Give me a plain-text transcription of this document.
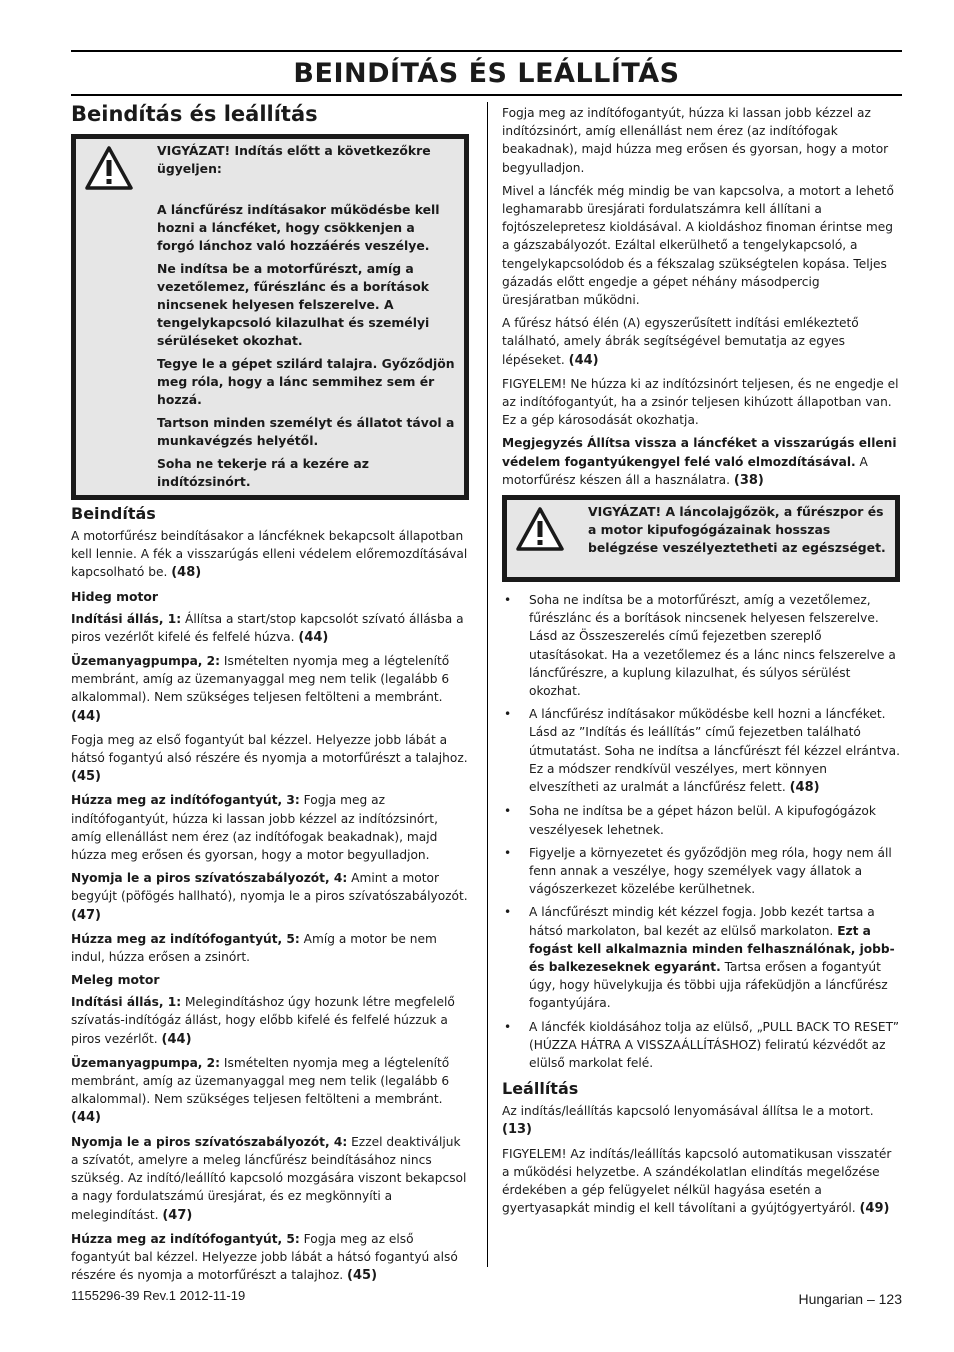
BEINDÍTÁS ÉS LEÁLLÍTÁS
Beindítás és leállítás

VIGYÁZAT! Indítás előtt a következőkre ügyeljen:

A láncfűrész indításakor működésbe kell hozni a láncféket, hogy csökkenjen a forgó lánchoz való hozzáérés veszélye.

Ne indítsa be a motorfűrészt, amíg a vezetőlemez, fűrészlánc és a borítások nincsenek helyesen felszerelve. A tengelykapcsoló kilazulhat és személyi sérüléseket okozhat.

Tegye le a gépet szilárd talajra. Győződjön meg róla, hogy a lánc semmihez sem ér hozzá.

Tartson minden személyt és állatot távol a munkavégzés helyétől.

Soha ne tekerje rá a kezére az indítózsinórt.

Beindítás

A motorfűrész beindításakor a láncféknek bekapcsolt állapotban kell lennie. A fék a visszarúgás elleni védelem előremozdításával kapcsolható be. (48)

Hideg motor

Indítási állás, 1: Állítsa a start/stop kapcsolót szívató állásba a piros vezérlőt kifelé és felfelé húzva. (44)

Üzemanyagpumpa, 2: Ismételten nyomja meg a légtelenítő membránt, amíg az üzemanyaggal meg nem telik (legalább 6 alkalommal). Nem szükséges teljesen feltölteni a membránt. (44)

Fogja meg az első fogantyút bal kézzel. Helyezze jobb lábát a hátsó fogantyú alsó részére és nyomja a motorfűrészt a talajhoz. (45)

Húzza meg az indítófogantyút, 3: Fogja meg az indítófogantyút, húzza ki lassan jobb kézzel az indítózsinórt, amíg ellenállást nem érez (az indítófogak beakadnak), majd húzza meg erősen és gyorsan, hogy a motor begyulladjon.

Nyomja le a piros szívatószabályozót, 4: Amint a motor begyújt (pöfögés hallható), nyomja le a piros szívatószabályozót. (47)

Húzza meg az indítófogantyút, 5: Amíg a motor be nem indul, húzza erősen a zsinórt.

Meleg motor

Indítási állás, 1: Melegindításhoz úgy hozunk létre megfelelő szívatás-indítógáz állást, hogy előbb kifelé és felfelé húzzuk a piros vezérlőt. (44)

Üzemanyagpumpa, 2: Ismételten nyomja meg a légtelenítő membránt, amíg az üzemanyaggal meg nem telik (legalább 6 alkalommal). Nem szükséges teljesen feltölteni a membránt. (44)

Nyomja le a piros szívatószabályozót, 4: Ezzel deaktiváljuk a szívatót, amelyre a meleg láncfűrész beindításához nincs szükség. Az indító/leállító kapcsoló mozgására viszont bekapcsol a nagy fordulatszámú üresjárat, és ez megkönnyíti a melegindítást. (47)

Húzza meg az indítófogantyút, 5: Fogja meg az első fogantyút bal kézzel. Helyezze jobb lábát a hátsó fogantyú alsó részére és nyomja a motorfűrészt a talajhoz. (45)

Fogja meg az indítófogantyút, húzza ki lassan jobb kézzel az indítózsinórt, amíg ellenállást nem érez (az indítófogak beakadnak), majd húzza meg erősen és gyorsan, hogy a motor begyulladjon.

Mivel a láncfék még mindig be van kapcsolva, a motort a lehető leghamarabb üresjárati fordulatszámra kell állítani a fojtószelepretesz kioldásával. A kioldáshoz finoman érintse meg a gázszabályozót. Ezáltal elkerülhető a tengelykapcsoló, a tengelykapcsolódob és a fékszalag szükségtelen kopása. Teljes gázadás előtt engedje a gépet néhány másodpercig üresjáratban működni.

A fűrész hátsó élén (A) egyszerűsített indítási emlékeztető található, amely ábrák segítségével bemutatja az egyes lépéseket. (44)

FIGYELEM! Ne húzza ki az indítózsinórt teljesen, és ne engedje el az indítófogantyút, ha a zsinór teljesen kihúzott állapotban van. Ez a gép károsodását okozhatja.

Megjegyzés Állítsa vissza a láncféket a visszarúgás elleni védelem fogantyúkengyel felé való elmozdításával. A motorfűrész készen áll a használatra. (38)

VIGYÁZAT! A láncolajgőzök, a fűrészpor és a motor kipufogógázainak hosszas belégzése veszélyeztetheti az egészséget.

• Soha ne indítsa be a motorfűrészt, amíg a vezetőlemez, fűrészlánc és a borítások nincsenek helyesen felszerelve. Lásd az Összeszerelés című fejezetben szereplő utasításokat. Ha a vezetőlemez és a lánc nincs felszerelve a láncfűrészre, a kuplung kilazulhat, és súlyos sérülést okozhat.
• A láncfűrész indításakor működésbe kell hozni a láncféket. Lásd az ”Indítás és leállítás” című fejezetben található útmutatást. Soha ne indítsa a láncfűrészt fél kézzel elrántva. Ez a módszer rendkívül veszélyes, mert könnyen elveszítheti az uralmát a láncfűrész felett. (48)
• Soha ne indítsa be a gépet házon belül. A kipufogógázok veszélyesek lehetnek.
• Figyelje a környezetet és győződjön meg róla, hogy nem áll fenn annak a veszélye, hogy személyek vagy állatok a vágószerkezet közelébe kerülhetnek.
• A láncfűrészt mindig két kézzel fogja. Jobb kezét tartsa a hátsó markolaton, bal kezét az elülső markolaton. Ezt a fogást kell alkalmaznia minden felhasználónak, jobb- és balkezeseknek egyaránt. Tartsa erősen a fogantyút úgy, hogy hüvelykujja és többi ujja ráfeküdjön a láncfűrész fogantyújára.
• A láncfék kioldásához tolja az elülső, „PULL BACK TO RESET” (HÚZZA HÁTRA A VISSZAÁLLÍTÁSHOZ) feliratú kézvédőt az elülső markolat felé.
Leállítás

Az indítás/leállítás kapcsoló lenyomásával állítsa le a motort. (13)

FIGYELEM! Az indítás/leállítás kapcsoló automatikusan visszatér a működési helyzetbe. A szándékolatlan elindítás megelőzése érdekében a gép felügyelet nélkül hagyása esetén a gyertyasapkát mindig el kell távolítani a gyújtógyertyáról. (49)

1155296-39 Rev.1 2012-11-19	Hungarian – 123
